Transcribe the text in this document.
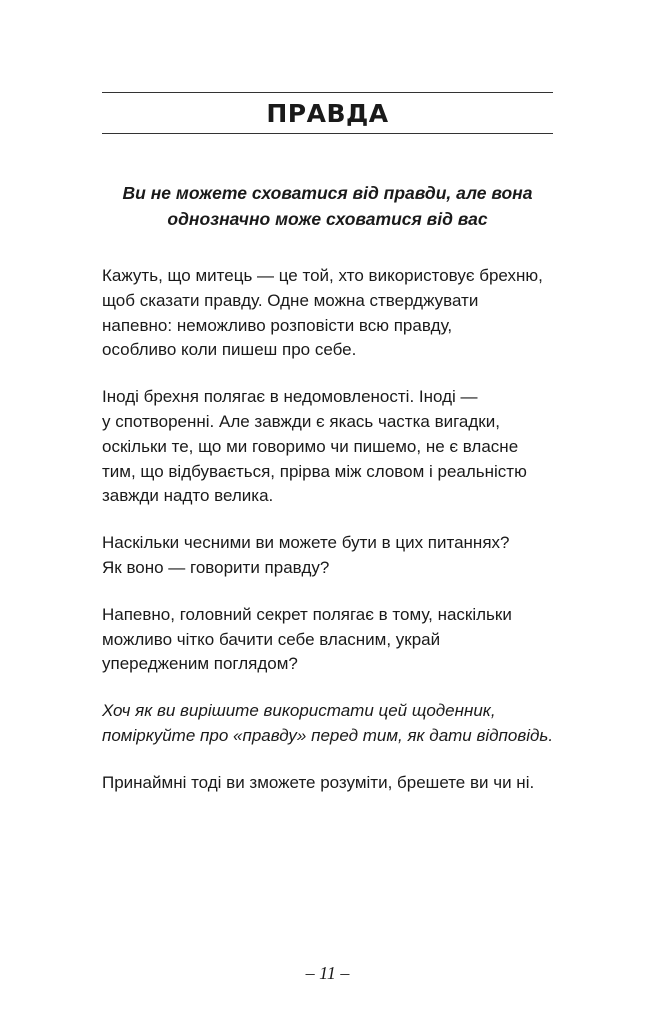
ПРАВДА
Ви не можете сховатися від правди, але вона
однозначно може сховатися від вас

Кажуть, що митець — це той, хто використовує брехню,
щоб сказати правду. Одне можна стверджувати
напевно: неможливо розповісти всю правду,
особливо коли пишеш про себе.

Іноді брехня полягає в недомовленості. Іноді —
у спотворенні. Але завжди є якась частка вигадки,
оскільки те, що ми говоримо чи пишемо, не є власне
тим, що відбувається, прірва між словом і реальністю
завжди надто велика.

Наскільки чесними ви можете бути в цих питаннях?
Як воно — говорити правду?

Напевно, головний секрет полягає в тому, наскільки
можливо чітко бачити себе власним, украй
упередженим поглядом?

Хоч як ви вирішите використати цей щоденник,
поміркуйте про «правду» перед тим, як дати відповідь.

Принаймні тоді ви зможете розуміти, брешете ви чи ні.

– 11 –
